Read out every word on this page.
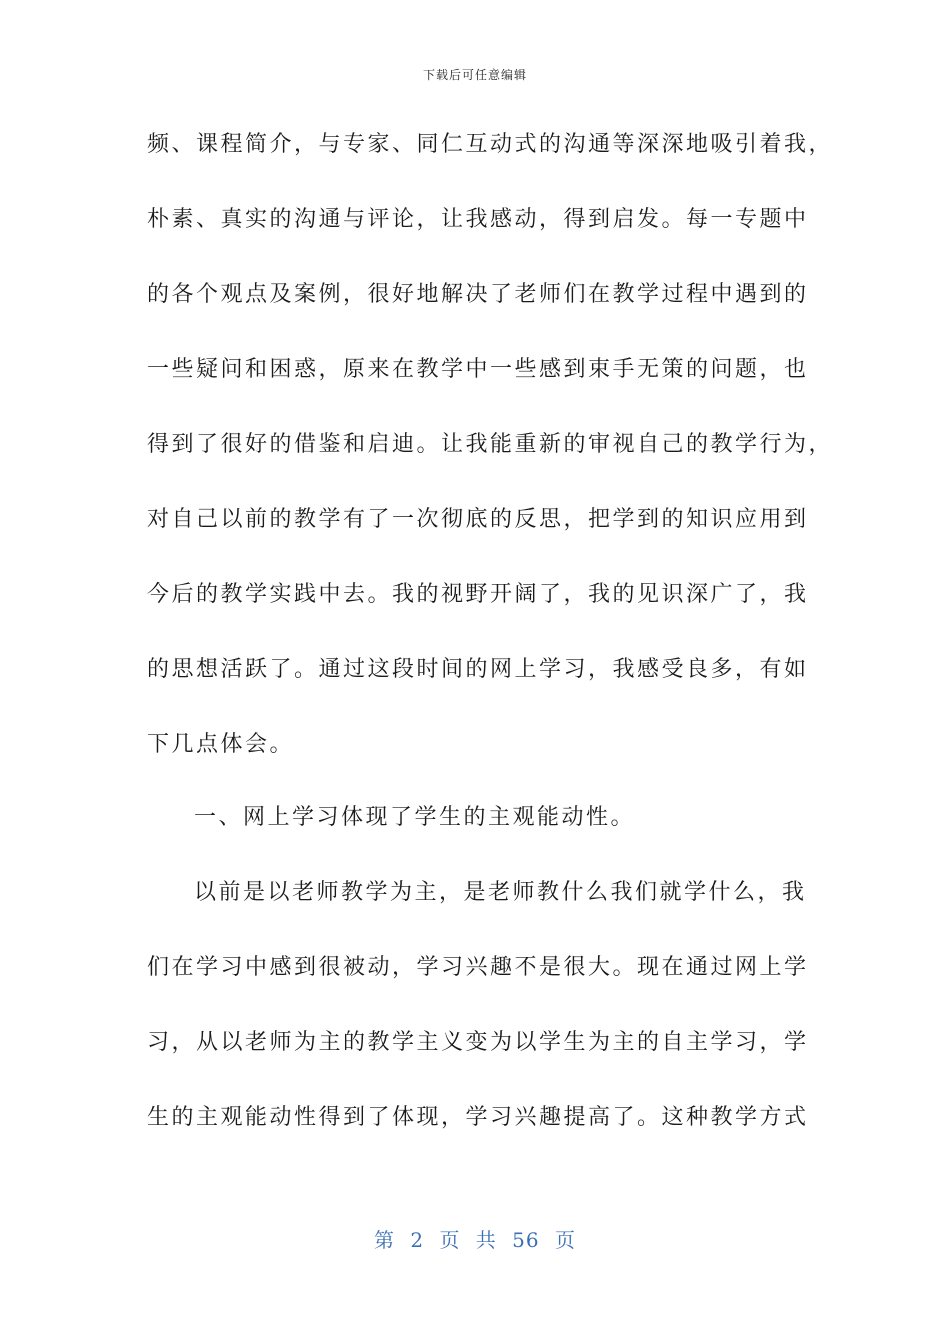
下载后可任意编辑
频、课程简介，与专家、同仁互动式的沟通等深深地吸引着我，
朴素、真实的沟通与评论，让我感动，得到启发。每一专题中
的各个观点及案例，很好地解决了老师们在教学过程中遇到的
一些疑问和困惑，原来在教学中一些感到束手无策的问题，也
得到了很好的借鉴和启迪。让我能重新的审视自己的教学行为，
对自己以前的教学有了一次彻底的反思，把学到的知识应用到
今后的教学实践中去。我的视野开阔了，我的见识深广了，我
的思想活跃了。通过这段时间的网上学习，我感受良多，有如
下几点体会。
一、网上学习体现了学生的主观能动性。
以前是以老师教学为主，是老师教什么我们就学什么，我
们在学习中感到很被动，学习兴趣不是很大。现在通过网上学
习，从以老师为主的教学主义变为以学生为主的自主学习，学
生的主观能动性得到了体现，学习兴趣提高了。这种教学方式
第 2 页 共 56 页
